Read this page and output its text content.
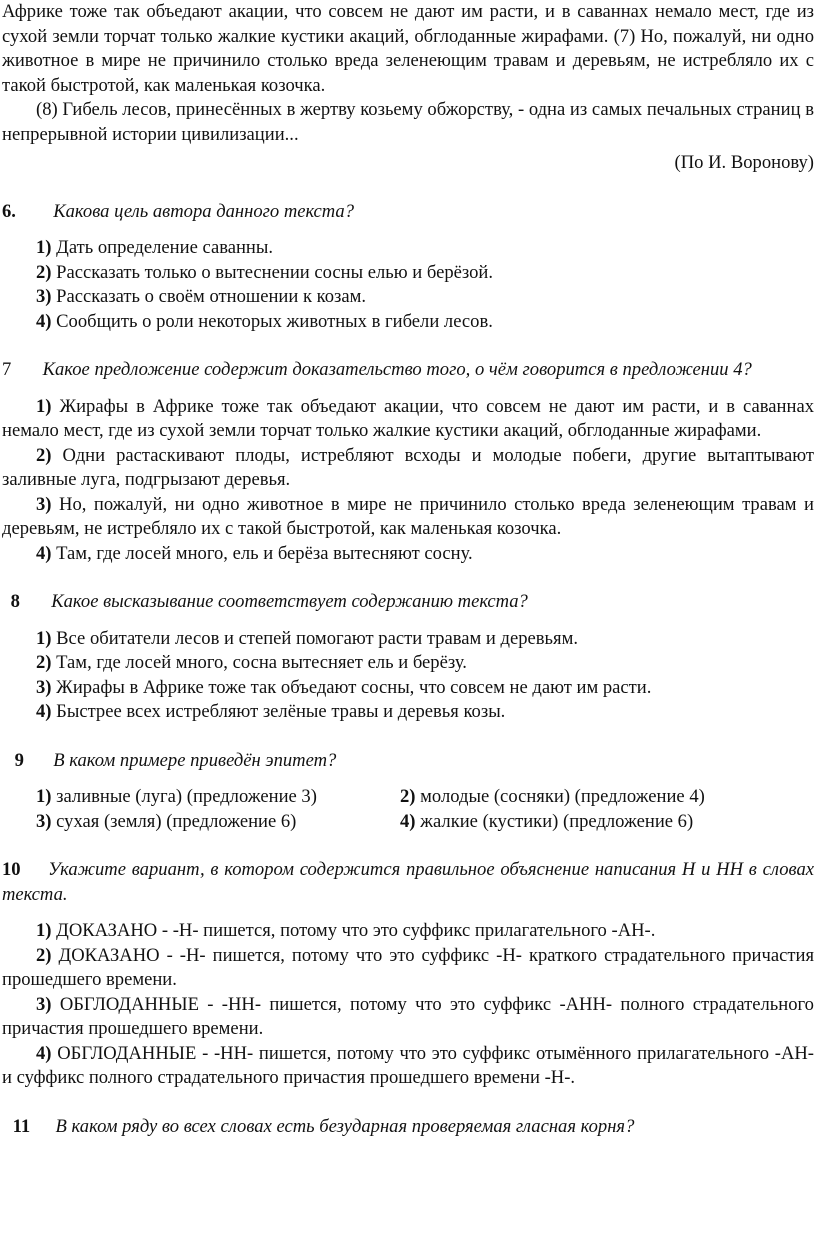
Африке тоже так объедают акации, что совсем не дают им расти, и в саваннах немало мест, где из сухой земли торчат только жалкие кустики акаций, обглоданные жирафами. (7) Но, пожалуй, ни одно животное в мире не причинило столько вреда зеленеющим травам и деревьям, не истребляло их с такой быстротой, как маленькая козочка.

(8) Гибель лесов, принесённых в жертву козьему обжорству, - одна из самых печальных страниц в непрерывной истории цивилизации...

(По И. Воронову)

6. Какова цель автора данного текста?

1) Дать определение саванны.

2) Рассказать только о вытеснении сосны елью и берёзой.

3) Рассказать о своём отношении к козам.

4) Сообщить о роли некоторых животных в гибели лесов.

7 Какое предложение содержит доказательство того, о чём говорится в предложении 4?

1) Жирафы в Африке тоже так объедают акации, что совсем не дают им расти, и в саваннах немало мест, где из сухой земли торчат только жалкие кустики акаций, обглоданные жирафами.

2) Одни растаскивают плоды, истребляют всходы и молодые побеги, другие вытаптывают заливные луга, подгрызают деревья.

3) Но, пожалуй, ни одно животное в мире не причинило столько вреда зеленеющим травам и деревьям, не истребляло их с такой быстротой, как маленькая козочка.

4) Там, где лосей много, ель и берёза вытесняют сосну.

8 Какое высказывание соответствует содержанию текста?

1) Все обитатели лесов и степей помогают расти травам и деревьям.

2) Там, где лосей много, сосна вытесняет ель и берёзу.

3) Жирафы в Африке тоже так объедают сосны, что совсем не дают им расти.

4) Быстрее всех истребляют зелёные травы и деревья козы.

9 В каком примере приведён эпитет?

1) заливные (луга) (предложение 3)	2) молодые (сосняки) (предложение 4)
3) сухая (земля) (предложение 6)	4) жалкие (кустики) (предложение 6)

10 Укажите вариант, в котором содержится правильное объяснение написания Н и НН в словах текста.

1) ДОКАЗАНО - -Н- пишется, потому что это суффикс прилагательного -АН-.

2) ДОКАЗАНО - -Н- пишется, потому что это суффикс -Н- краткого страдательного причастия прошедшего времени.

3) ОБГЛОДАННЫЕ - -НН- пишется, потому что это суффикс -АНН- полного страдательного причастия прошедшего времени.

4) ОБГЛОДАННЫЕ - -НН- пишется, потому что это суффикс отымённого прилагательного -АН- и суффикс полного страдательного причастия прошедшего времени -Н-.

11 В каком ряду во всех словах есть безударная проверяемая гласная корня?
